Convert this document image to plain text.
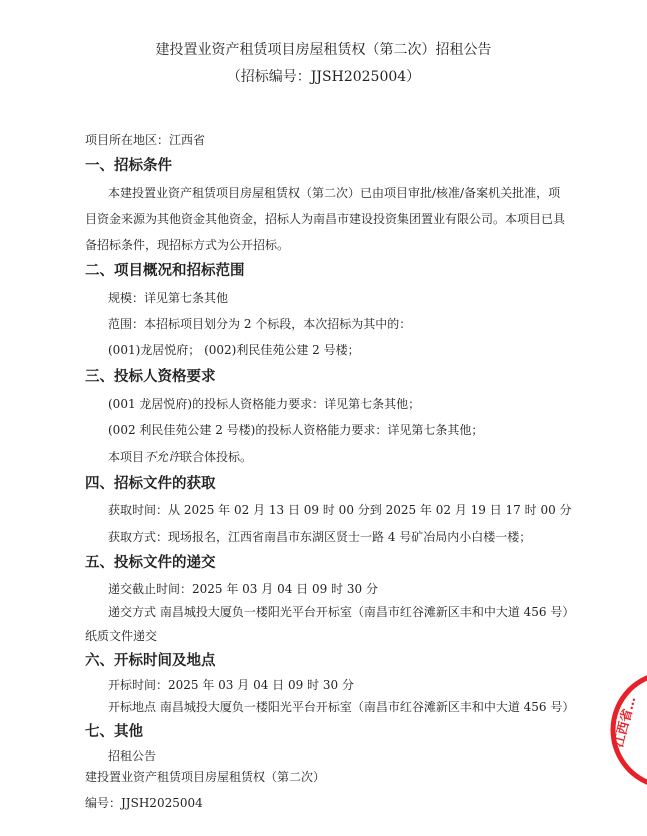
建投置业资产租赁项目房屋租赁权（第二次）招租公告
（招标编号：JJSH2025004）
项目所在地区：江西省
一、招标条件
本建投置业资产租赁项目房屋租赁权（第二次）已由项目审批/核准/备案机关批准，项
目资金来源为其他资金其他资金，招标人为南昌市建设投资集团置业有限公司。本项目已具
备招标条件，现招标方式为公开招标。
二、项目概况和招标范围
规模：详见第七条其他
范围：本招标项目划分为 2 个标段，本次招标为其中的：
(001)龙居悦府； (002)利民佳苑公建 2 号楼；
三、投标人资格要求
(001 龙居悦府)的投标人资格能力要求：详见第七条其他；
(002 利民佳苑公建 2 号楼)的投标人资格能力要求：详见第七条其他；
本项目不允许联合体投标。
四、招标文件的获取
获取时间：从 2025 年 02 月 13 日 09 时 00 分到 2025 年 02 月 19 日 17 时 00 分
获取方式：现场报名，江西省南昌市东湖区贤士一路 4 号矿冶局内小白楼一楼；
五、投标文件的递交
递交截止时间：2025 年 03 月 04 日 09 时 30 分
递交方式 南昌城投大厦负一楼阳光平台开标室（南昌市红谷滩新区丰和中大道 456 号）
纸质文件递交
六、开标时间及地点
开标时间：2025 年 03 月 04 日 09 时 30 分
开标地点 南昌城投大厦负一楼阳光平台开标室（南昌市红谷滩新区丰和中大道 456 号）
七、其他
招租公告
建投置业资产租赁项目房屋租赁权（第二次）
编号：JJSH2025004
江西省…
